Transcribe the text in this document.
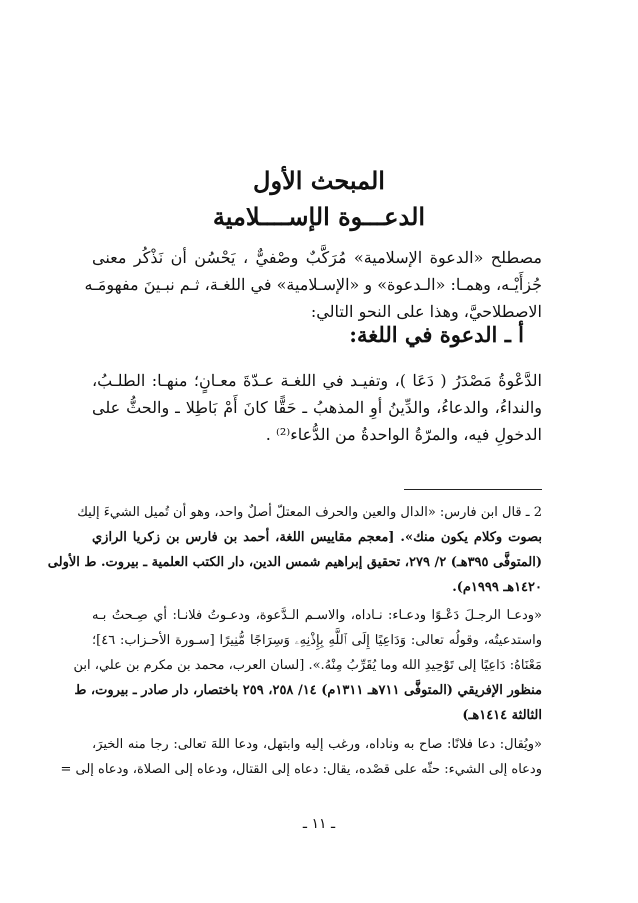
المبحث الأول
الدعـــوة الإســــلامية
مصطلح «الدعوة الإسلامية» مُرَكَّبٌ وصْفيٌّ ، يَحْسُن أن نَذْكُر معنى
جُزأَيْـه، وهمـا: «الـدعوة» و «الإسـلامية» في اللغـة، ثـم نبـينَ مفهومَـه
الاصطلاحيَّ، وهذا على النحو التالي:
أ ـ الدعوة في اللغة:
الدَّعْوةُ مَصْدَرُ ( دَعَا )، وتفيـد في اللغـة عـدّةَ معـانٍ؛ منهـا: الطلـبُ،
والنداءُ، والدعاءُ، والدِّينُ أوِ المذهبُ ـ حَقًّا كانَ أَمْ بَاطِلا ـ والحثُّ على
الدخولِ فيه، والمرّةُ الواحدةُ من الدُّعاء⁽²⁾ .
2 ـ قال ابن فارس: «الدال والعين والحرف المعتلّ أصلٌ واحد، وهو أن تُميل الشيءَ إليك
بصوت وكلام يكون منك». [معجم مقاييس اللغة، أحمد بن فارس بن زكريا الرازي
(المتوفَّى ٣٩٥هـ) ٢/ ٢٧٩، تحقيق إبراهيم شمس الدين، دار الكتب العلمية ـ بيروت. ط الأولى
١٤٢٠هـ ١٩٩٩م).
«ودعـا الرجـلَ دَعْـوًا ودعـاء: نـاداه، والاسـم الـدَّعوة، ودعـوتُ فلانـا: أي صِـحتُ بـه
واستدعيتُه، وقولُه تعالى: وَدَاعِيًا إِلَى ٱللَّهِ بِإِذْنِهِۦ وَسِرَاجًا مُّنِيرًا [سـورة الأحـزاب: ٤٦]؛
مَعْنَاهُ: دَاعِيًا إلى تَوْحِيدِ الله وما يُقَرِّبُ مِنْهُ.». [لسان العرب، محمد بن مكرم بن علي، ابن
منظور الإفريقي (المتوفَّى ٧١١هـ ١٣١١م) ١٤/ ٢٥٨، ٢٥٩ باختصار، دار صادر ـ بيروت، ط
الثالثة ١٤١٤هـ)
«ويُقال: دعا فلانًا: صاح به وناداه، ورغب إليه وابتهل، ودعا اللهَ تعالى: رجا منه الخيرَ،
ودعاه إلى الشيء: حثّه على قصْده، يقال: دعاه إلى القتال، ودعاه إلى الصلاة، ودعاه إلى =
ـ ١١ ـ
